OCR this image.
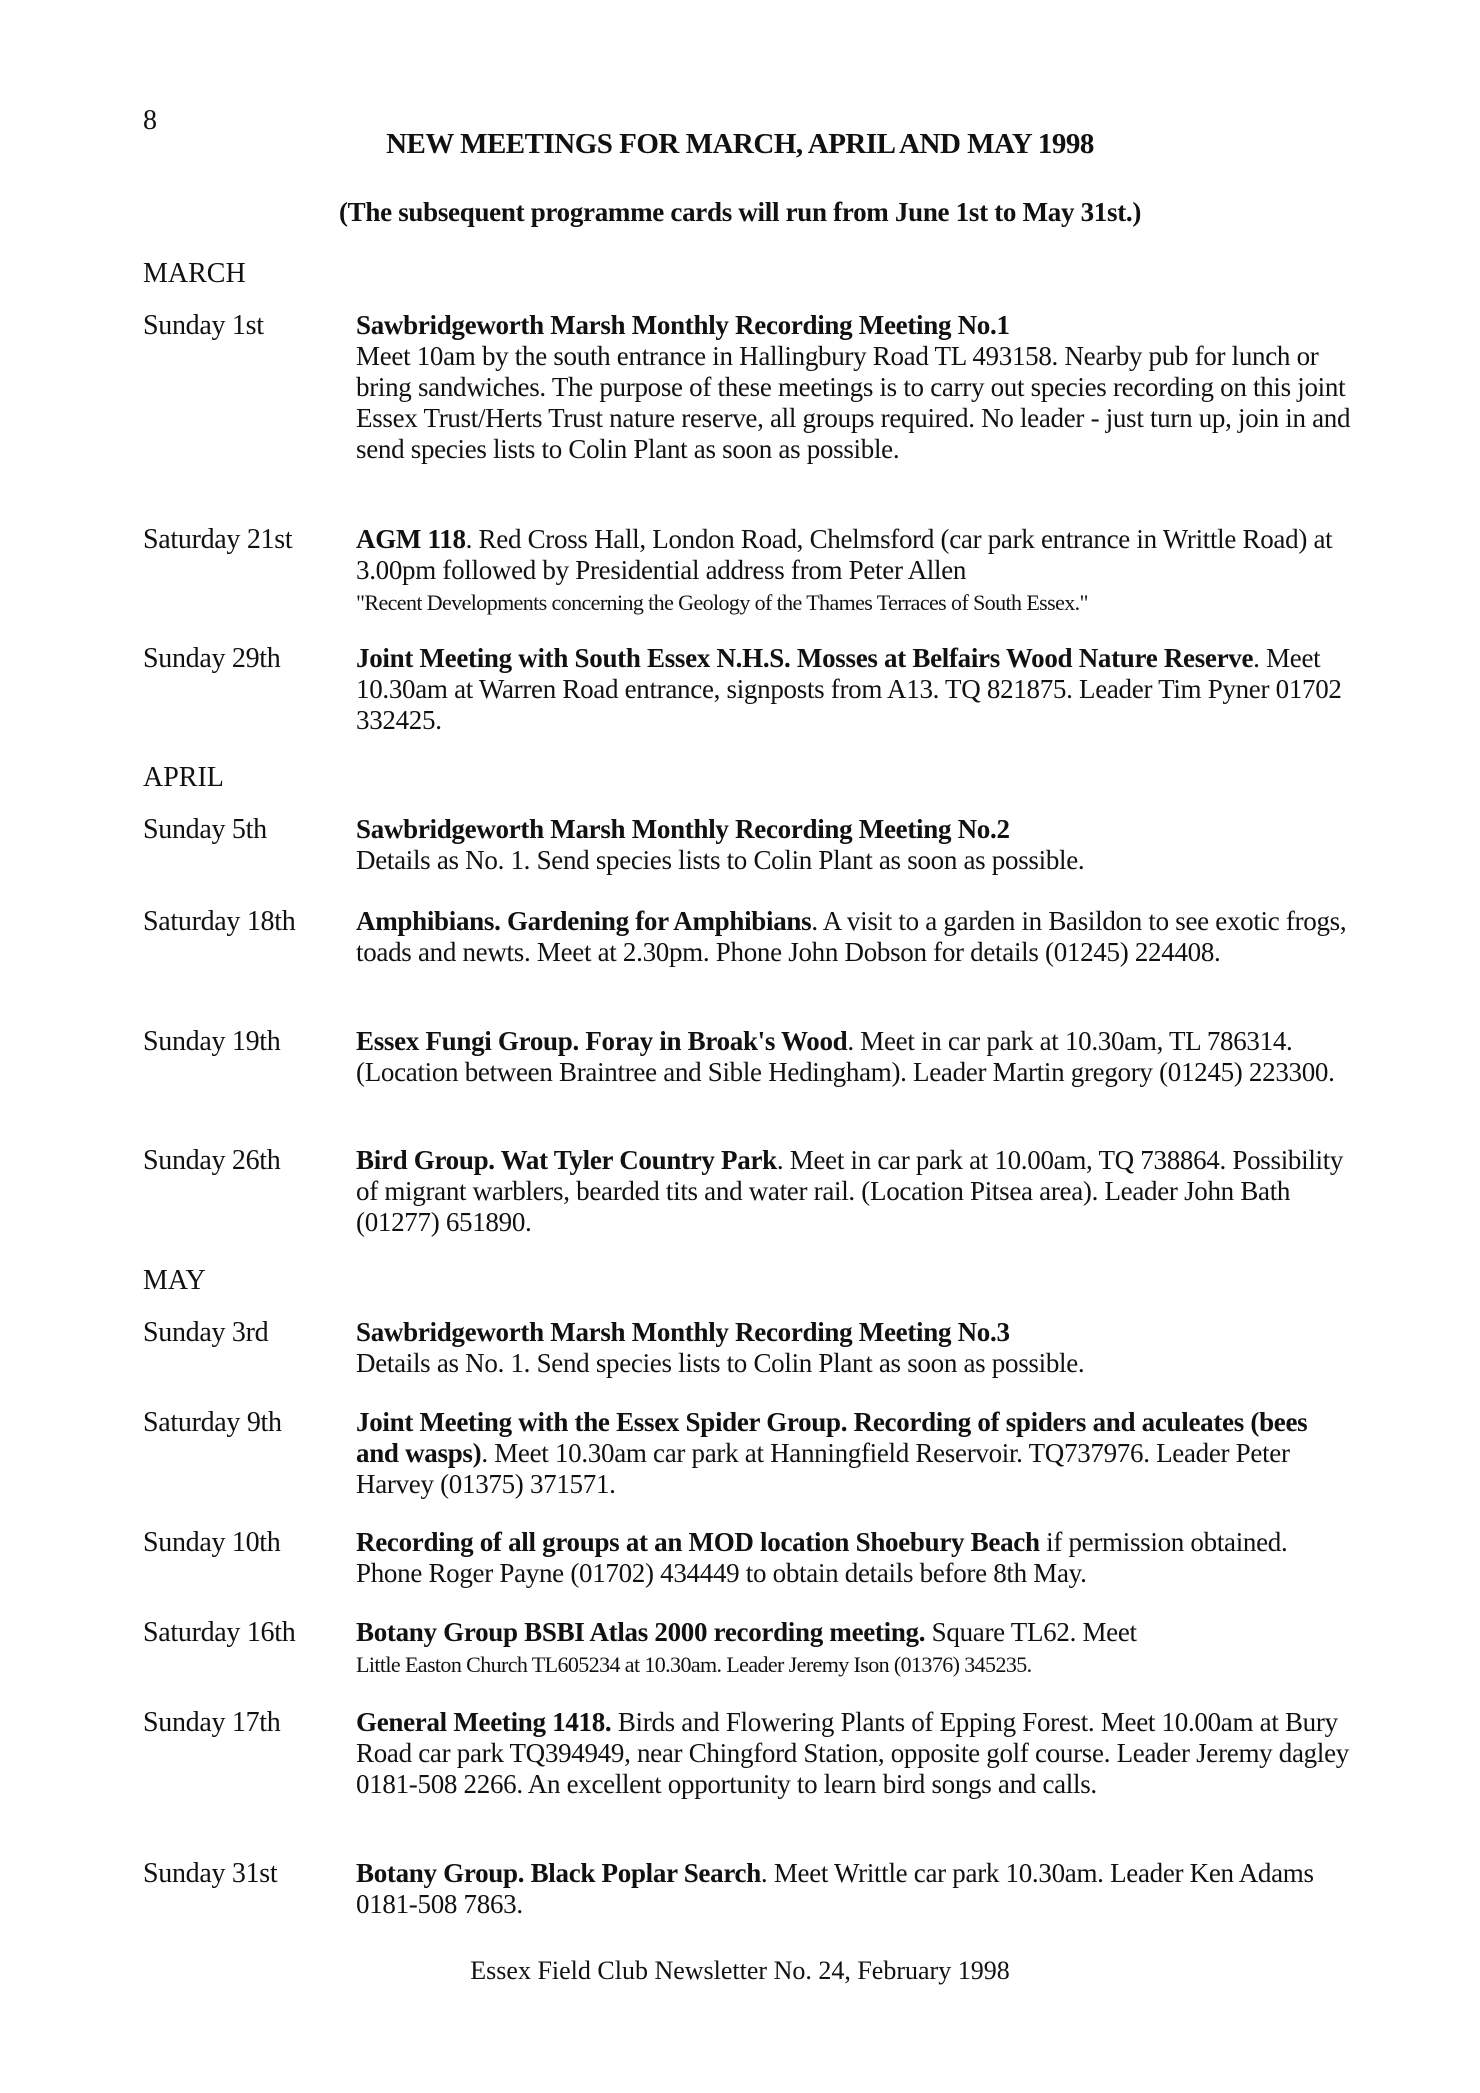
8
NEW MEETINGS FOR MARCH, APRIL AND MAY 1998
(The subsequent programme cards will run from June 1st to May 31st.)
MARCH
Sunday 1st	Sawbridgeworth Marsh Monthly Recording Meeting No.1
Meet 10am by the south entrance in Hallingbury Road TL 493158. Nearby pub for lunch or bring sandwiches. The purpose of these meetings is to carry out species recording on this joint Essex Trust/Herts Trust nature reserve, all groups required. No leader - just turn up, join in and send species lists to Colin Plant as soon as possible.
Saturday 21st AGM 118. Red Cross Hall, London Road, Chelmsford (car park entrance in Writtle Road) at 3.00pm followed by Presidential address from Peter Allen
"Recent Developments concerning the Geology of the Thames Terraces of South Essex."
Sunday 29th	Joint Meeting with South Essex N.H.S. Mosses at Belfairs Wood Nature Reserve. Meet 10.30am at Warren Road entrance, signposts from A13. TQ 821875. Leader Tim Pyner 01702 332425.
APRIL
Sunday 5th	Sawbridgeworth Marsh Monthly Recording Meeting No.2
Details as No. 1. Send species lists to Colin Plant as soon as possible.
Saturday 18th Amphibians. Gardening for Amphibians. A visit to a garden in Basildon to see exotic frogs, toads and newts. Meet at 2.30pm. Phone John Dobson for details (01245) 224408.
Sunday 19th	Essex Fungi Group. Foray in Broak's Wood. Meet in car park at 10.30am, TL 786314. (Location between Braintree and Sible Hedingham). Leader Martin gregory (01245) 223300.
Sunday 26th	Bird Group. Wat Tyler Country Park. Meet in car park at 10.00am, TQ 738864. Possibility of migrant warblers, bearded tits and water rail. (Location Pitsea area). Leader John Bath (01277) 651890.
MAY
Sunday 3rd	Sawbridgeworth Marsh Monthly Recording Meeting No.3
Details as No. 1. Send species lists to Colin Plant as soon as possible.
Saturday 9th	Joint Meeting with the Essex Spider Group. Recording of spiders and aculeates (bees and wasps). Meet 10.30am car park at Hanningfield Reservoir. TQ737976. Leader Peter Harvey (01375) 371571.
Sunday 10th	Recording of all groups at an MOD location Shoebury Beach if permission obtained. Phone Roger Payne (01702) 434449 to obtain details before 8th May.
Saturday 16th Botany Group BSBI Atlas 2000 recording meeting. Square TL62. Meet
Little Easton Church TL605234 at 10.30am. Leader Jeremy Ison (01376) 345235.
Sunday 17th	General Meeting 1418. Birds and Flowering Plants of Epping Forest. Meet 10.00am at Bury Road car park TQ394949, near Chingford Station, opposite golf course. Leader Jeremy dagley 0181-508 2266. An excellent opportunity to learn bird songs and calls.
Sunday 31st	Botany Group. Black Poplar Search. Meet Writtle car park 10.30am. Leader Ken Adams 0181-508 7863.
Essex Field Club Newsletter No. 24, February 1998
